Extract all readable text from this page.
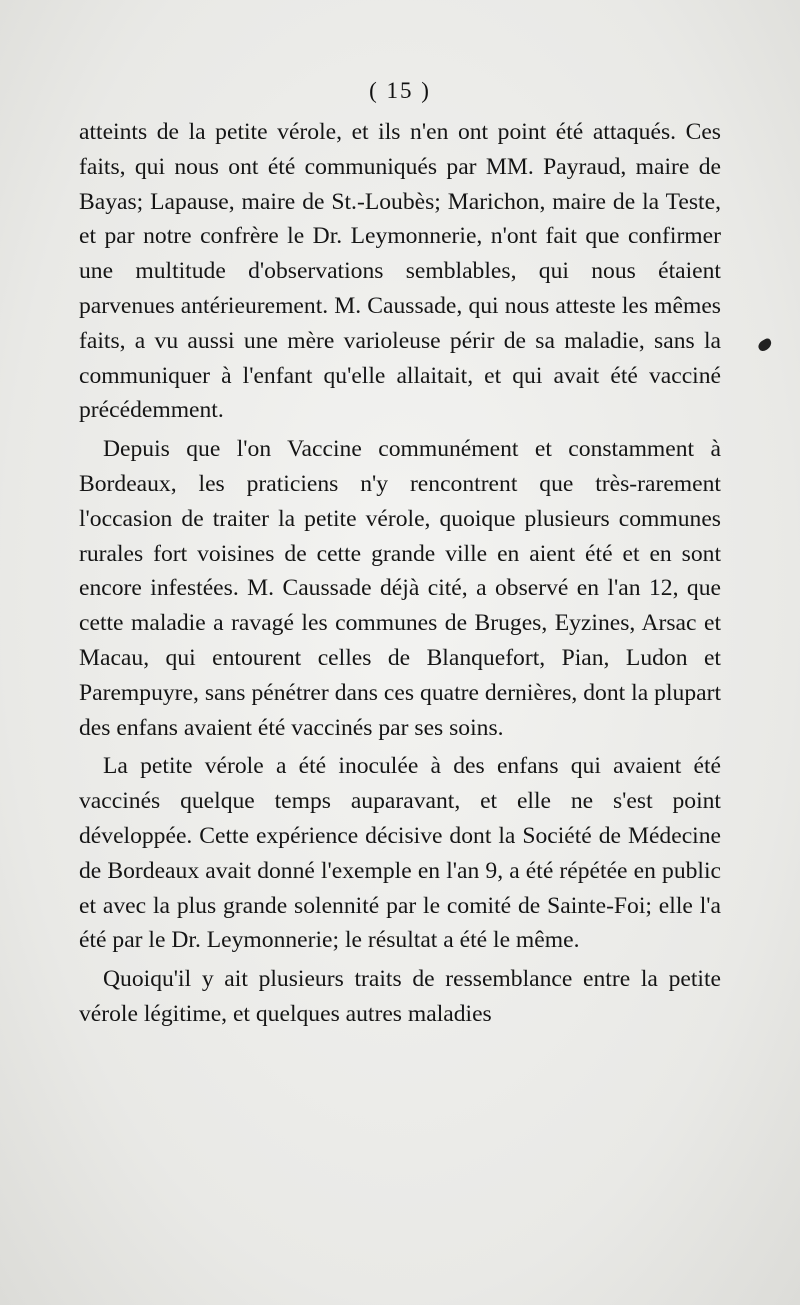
( 15 )

atteints de la petite vérole, et ils n'en ont point été attaqués. Ces faits, qui nous ont été communiqués par MM. Payraud, maire de Bayas; Lapause, maire de St.-Loubès; Marichon, maire de la Teste, et par notre confrère le Dr. Leymonnerie, n'ont fait que confirmer une multitude d'observations semblables, qui nous étaient parvenues antérieurement. M. Caussade, qui nous atteste les mêmes faits, a vu aussi une mère varioleuse périr de sa maladie, sans la communiquer à l'enfant qu'elle allaitait, et qui avait été vacciné précédemment.

Depuis que l'on Vaccine communément et constamment à Bordeaux, les praticiens n'y rencontrent que très-rarement l'occasion de traiter la petite vérole, quoique plusieurs communes rurales fort voisines de cette grande ville en aient été et en sont encore infestées. M. Caussade déjà cité, a observé en l'an 12, que cette maladie a ravagé les communes de Bruges, Eyzines, Arsac et Macau, qui entourent celles de Blanquefort, Pian, Ludon et Parempuyre, sans pénétrer dans ces quatre dernières, dont la plupart des enfans avaient été vaccinés par ses soins.

La petite vérole a été inoculée à des enfans qui avaient été vaccinés quelque temps auparavant, et elle ne s'est point développée. Cette expérience décisive dont la Société de Médecine de Bordeaux avait donné l'exemple en l'an 9, a été répétée en public et avec la plus grande solennité par le comité de Sainte-Foi; elle l'a été par le Dr. Leymonnerie; le résultat a été le même.

Quoiqu'il y ait plusieurs traits de ressemblance entre la petite vérole légitime, et quelques autres maladies
